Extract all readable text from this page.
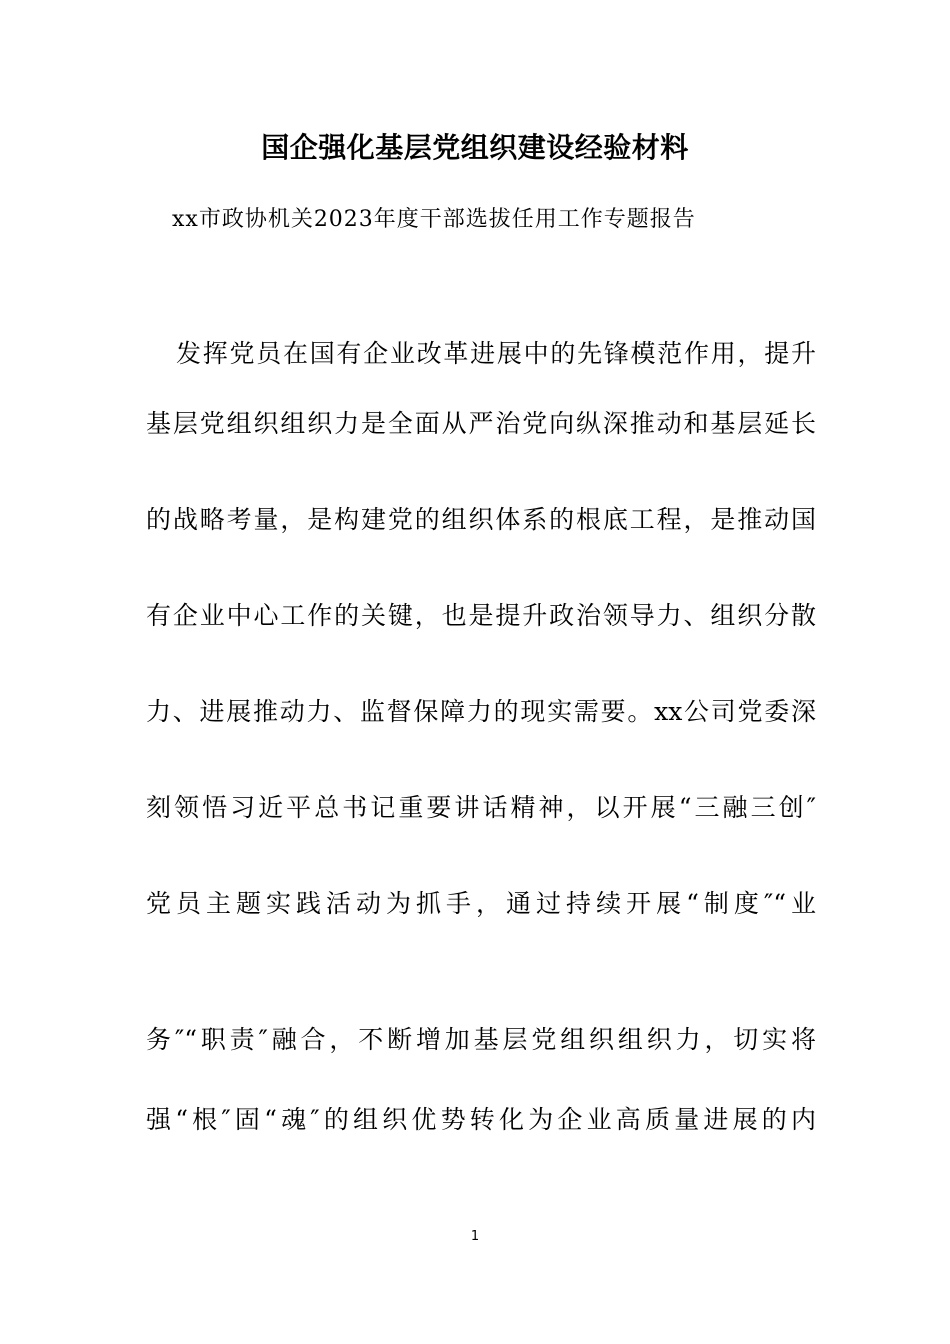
国企强化基层党组织建设经验材料
xx市政协机关2023年度干部选拔任用工作专题报告
发挥党员在国有企业改革进展中的先锋模范作用，提升
基层党组织组织力是全面从严治党向纵深推动和基层延长
的战略考量，是构建党的组织体系的根底工程，是推动国
有企业中心工作的关键，也是提升政治领导力、组织分散
力、进展推动力、监督保障力的现实需要。xx公司党委深
刻领悟习近平总书记重要讲话精神，以开展“三融三创″
党员主题实践活动为抓手，通过持续开展“制度″“业
务″“职责″融合，不断增加基层党组织组织力，切实将
强“根″固“魂″的组织优势转化为企业高质量进展的内
1
